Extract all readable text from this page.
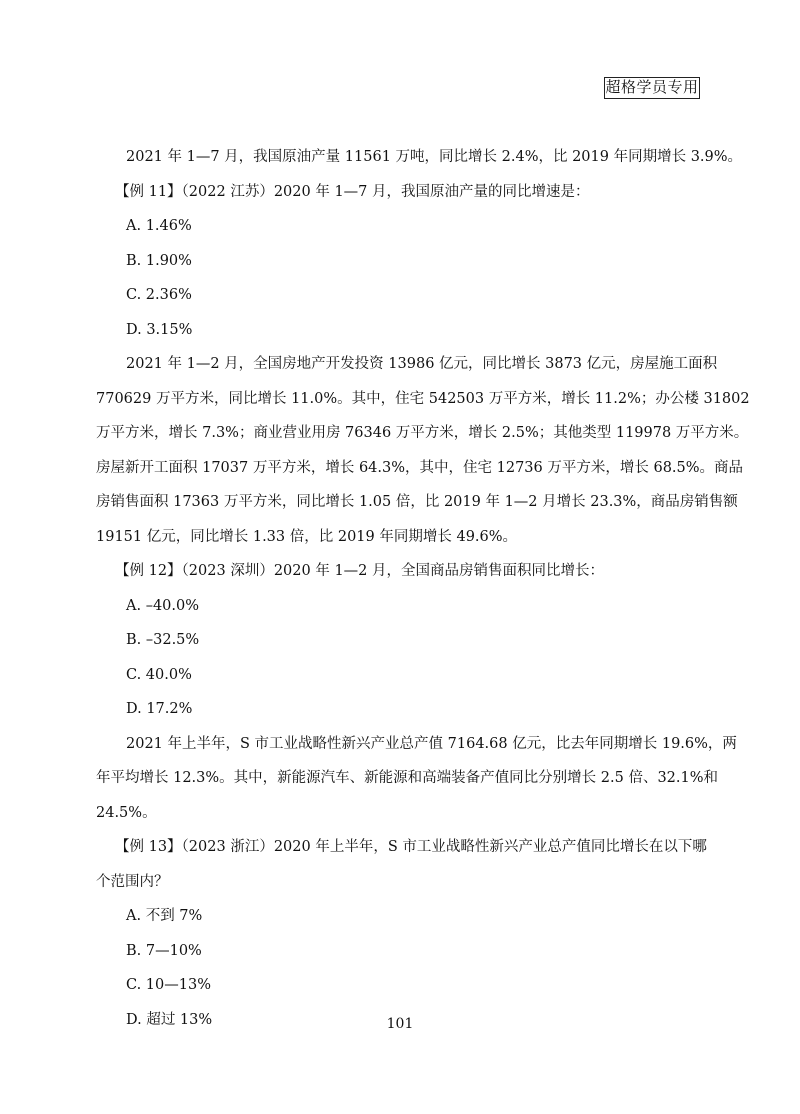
超格学员专用
2021 年 1—7 月，我国原油产量 11561 万吨，同比增长 2.4%，比 2019 年同期增长 3.9%。
【例 11】（2022 江苏）2020 年 1—7 月，我国原油产量的同比增速是：
A. 1.46%
B. 1.90%
C. 2.36%
D. 3.15%
2021 年 1—2 月，全国房地产开发投资 13986 亿元，同比增长 3873 亿元，房屋施工面积
770629 万平方米，同比增长 11.0%。其中，住宅 542503 万平方米，增长 11.2%；办公楼 31802
万平方米，增长 7.3%；商业营业用房 76346 万平方米，增长 2.5%；其他类型 119978 万平方米。
房屋新开工面积 17037 万平方米，增长 64.3%，其中，住宅 12736 万平方米，增长 68.5%。商品
房销售面积 17363 万平方米，同比增长 1.05 倍，比 2019 年 1—2 月增长 23.3%，商品房销售额
19151 亿元，同比增长 1.33 倍，比 2019 年同期增长 49.6%。
【例 12】（2023 深圳）2020 年 1—2 月，全国商品房销售面积同比增长：
A. –40.0%
B. –32.5%
C. 40.0%
D. 17.2%
2021 年上半年，S 市工业战略性新兴产业总产值 7164.68 亿元，比去年同期增长 19.6%，两
年平均增长 12.3%。其中，新能源汽车、新能源和高端装备产值同比分别增长 2.5 倍、32.1%和
24.5%。
【例 13】（2023 浙江）2020 年上半年，S 市工业战略性新兴产业总产值同比增长在以下哪
个范围内？
A. 不到 7%
B. 7—10%
C. 10—13%
D. 超过 13%	101
